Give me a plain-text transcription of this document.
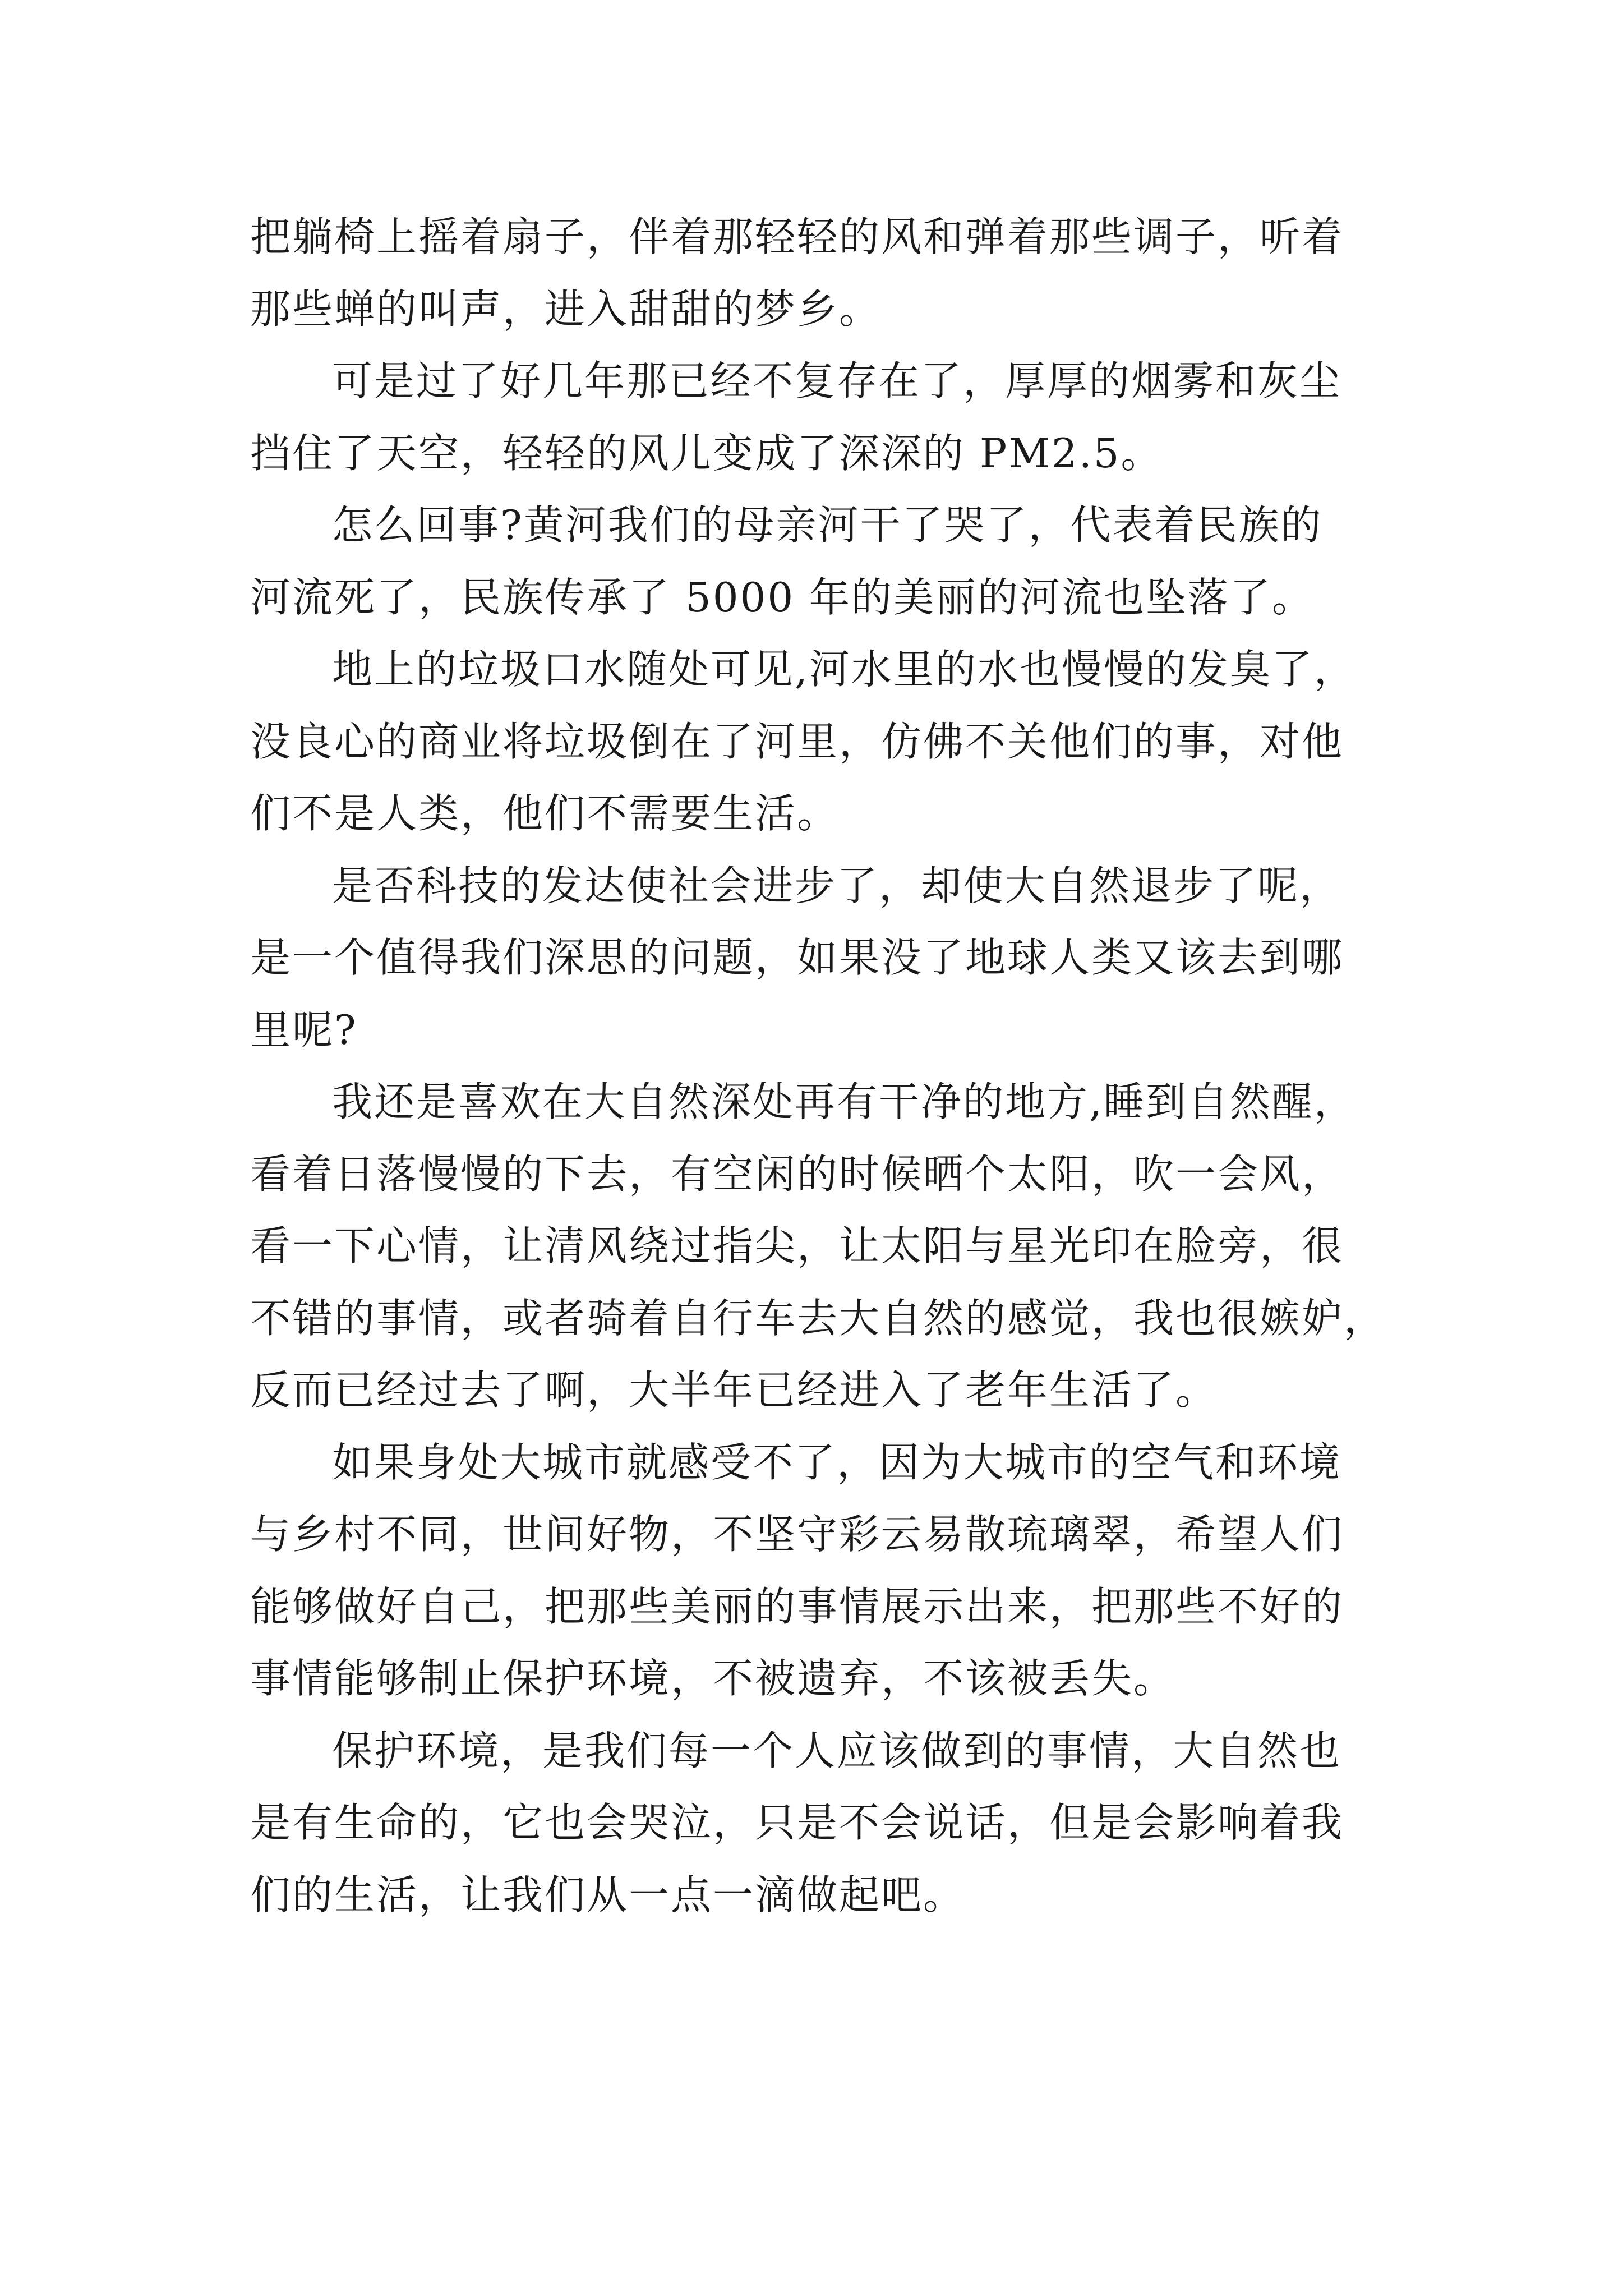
把躺椅上摇着扇子，伴着那轻轻的风和弹着那些调子，听着
那些蝉的叫声，进入甜甜的梦乡。
可是过了好几年那已经不复存在了，厚厚的烟雾和灰尘
挡住了天空，轻轻的风儿变成了深深的 PM2.5。
怎么回事?黄河我们的母亲河干了哭了，代表着民族的
河流死了，民族传承了 5000 年的美丽的河流也坠落了。
地上的垃圾口水随处可见,河水里的水也慢慢的发臭了，
没良心的商业将垃圾倒在了河里，仿佛不关他们的事，对他
们不是人类，他们不需要生活。
是否科技的发达使社会进步了，却使大自然退步了呢，
是一个值得我们深思的问题，如果没了地球人类又该去到哪
里呢?
我还是喜欢在大自然深处再有干净的地方,睡到自然醒，
看着日落慢慢的下去，有空闲的时候晒个太阳，吹一会风，
看一下心情，让清风绕过指尖，让太阳与星光印在脸旁，很
不错的事情，或者骑着自行车去大自然的感觉，我也很嫉妒，
反而已经过去了啊，大半年已经进入了老年生活了。
如果身处大城市就感受不了，因为大城市的空气和环境
与乡村不同，世间好物，不坚守彩云易散琉璃翠，希望人们
能够做好自己，把那些美丽的事情展示出来，把那些不好的
事情能够制止保护环境，不被遗弃，不该被丢失。
保护环境，是我们每一个人应该做到的事情，大自然也
是有生命的，它也会哭泣，只是不会说话，但是会影响着我
们的生活，让我们从一点一滴做起吧。
